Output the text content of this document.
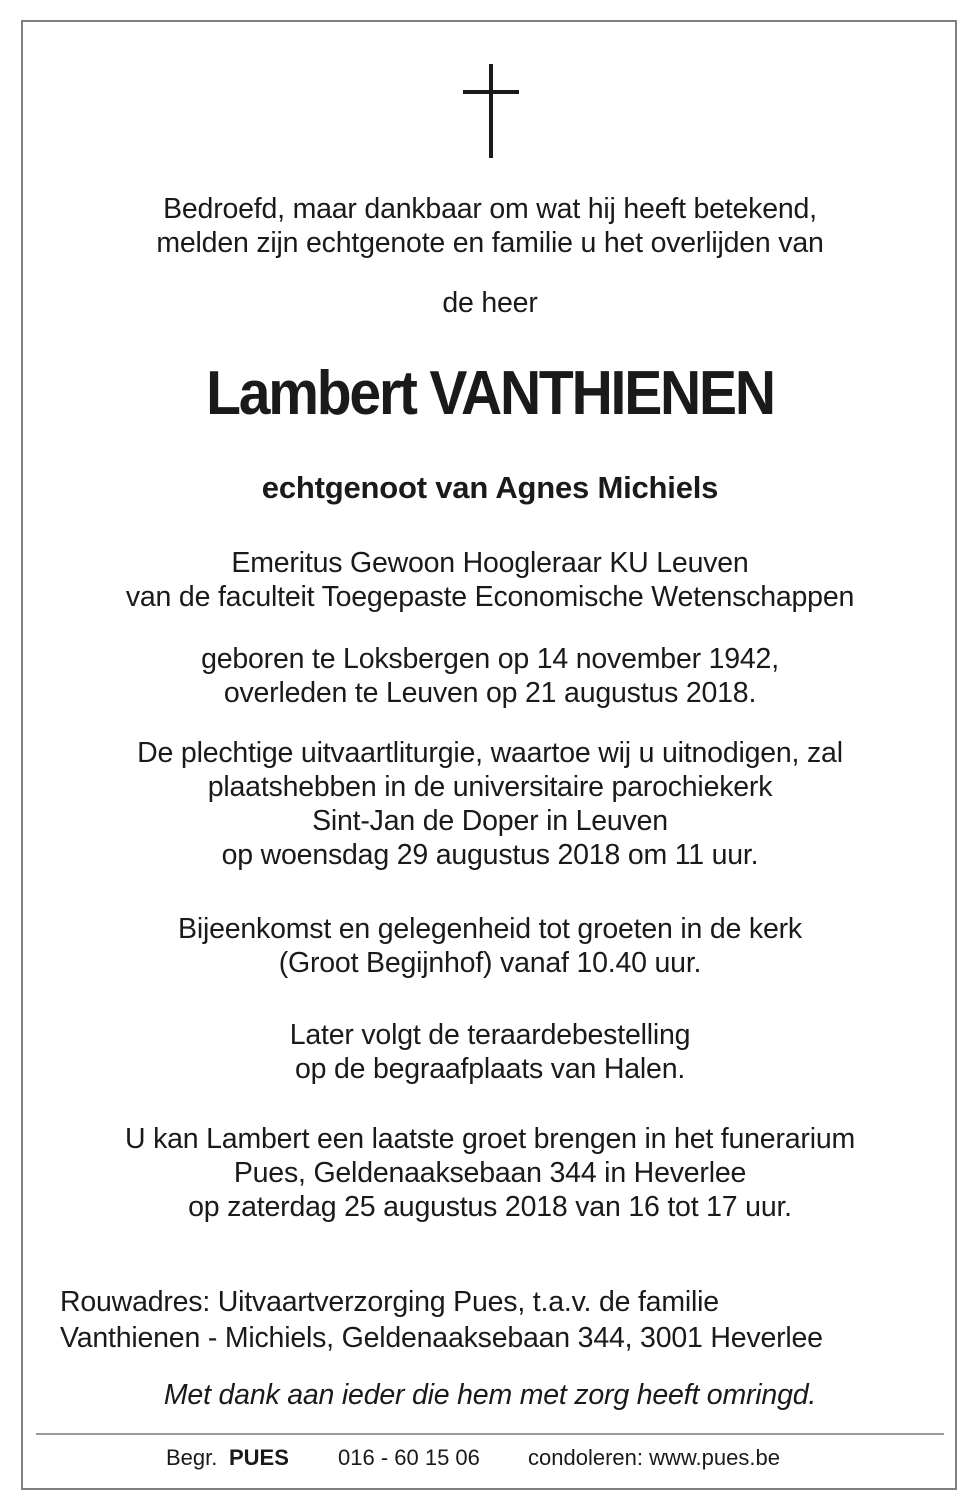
Bedroefd, maar dankbaar om wat hij heeft betekend,

melden zijn echtgenote en familie u het overlijden van

de heer

Lambert VANTHIENEN

echtgenoot van Agnes Michiels

Emeritus Gewoon Hoogleraar KU Leuven

van de faculteit Toegepaste Economische Wetenschappen

geboren te Loksbergen op 14 november 1942,

overleden te Leuven op 21 augustus 2018.

De plechtige uitvaartliturgie, waartoe wij u uitnodigen, zal

plaatshebben in de universitaire parochiekerk

Sint-Jan de Doper in Leuven

op woensdag 29 augustus 2018 om 11 uur.

Bijeenkomst en gelegenheid tot groeten in de kerk

(Groot Begijnhof) vanaf 10.40 uur.

Later volgt de teraardebestelling

op de begraafplaats van Halen.

U kan Lambert een laatste groet brengen in het funerarium

Pues, Geldenaaksebaan 344 in Heverlee

op zaterdag 25 augustus 2018 van 16 tot 17 uur.

Rouwadres: Uitvaartverzorging Pues, t.a.v. de familie

Vanthienen - Michiels, Geldenaaksebaan 344, 3001 Heverlee

Met dank aan ieder die hem met zorg heeft omringd.

Begr. PUES 016 - 60 15 06 condoleren: www.pues.be
